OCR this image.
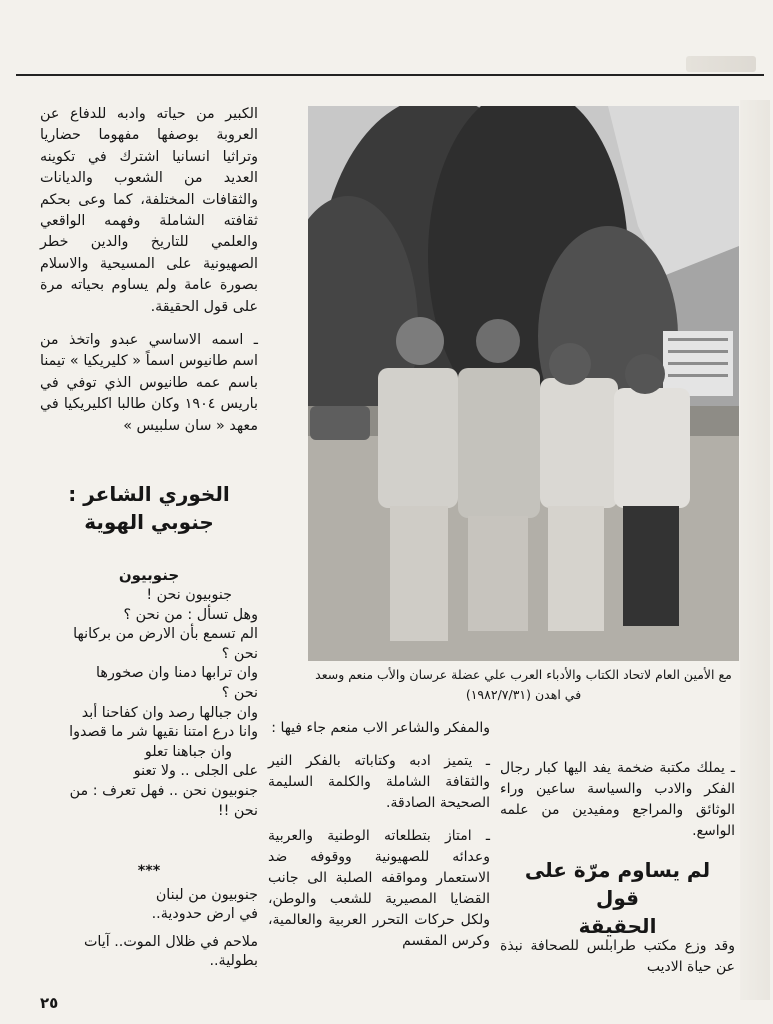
الكبير من حياته وادبه للدفاع عن العروبة بوصفها مفهوما حضاريا وتراثيا انسانيا اشترك في تكوينه العديد من الشعوب والديانات والثقافات المختلفة، كما وعى بحكم ثقافته الشاملة وفهمه الواقعي والعلمي للتاريخ والدين خطر الصهيونية على المسيحية والاسلام بصورة عامة ولم يساوم بحياته مرة على قول الحقيقة.

ـ اسمه الاساسي عبدو واتخذ من اسم طانيوس اسماً « كليريكيا » تيمنا باسم عمه طانيوس الذي توفي في باريس ١٩٠٤ وكان طالبا اكليريكيا في معهد « سان سلبيس »

الخوري الشاعر :
جنوبي الهوية
جنوبيون
جنوبيون نحن !
وهل تسأل : من نحن ؟
الم تسمع بأن الارض من بركانها
نحن ؟
وان ترابها دمنا وان صخورها
نحن ؟
وان جبالها رصد وان كفاحنا أبد
وانا درع امتنا نقيها شر ما قصدوا
وان جباهنا تعلو
على الجلى .. ولا تعنو
جنوبيون نحن .. فهل تعرف : من
نحن !!
***
جنوبيون من لبنان
في ارض حدودية..
ملاحم في ظلال الموت.. آيات
بطولية..
٢٥
مع الأمين العام لاتحاد الكتاب والأدباء العرب علي عضلة عرسان والأب منعم وسعد في اهدن (١٩٨٢/٧/٣١)

والمفكر والشاعر الاب منعم جاء فيها :

ـ يتميز ادبه وكتاباته بالفكر النير والثقافة الشاملة والكلمة السليمة الصحيحة الصادقة.

ـ امتاز بتطلعاته الوطنية والعربية وعدائه للصهيونية ووقوفه ضد الاستعمار ومواقفه الصلبة الى جانب القضايا المصيرية للشعب والوطن، ولكل حركات التحرر العربية والعالمية، وكرس المقسم

ـ يملك مكتبة ضخمة يفد اليها كبار رجال الفكر والادب والسياسة ساعين وراء الوثائق والمراجع ومفيدين من علمه الواسع.

لم يساوم مرّة على قول
الحقيقة

وقد وزع مكتب طرابلس للصحافة نبذة عن حياة الاديب
